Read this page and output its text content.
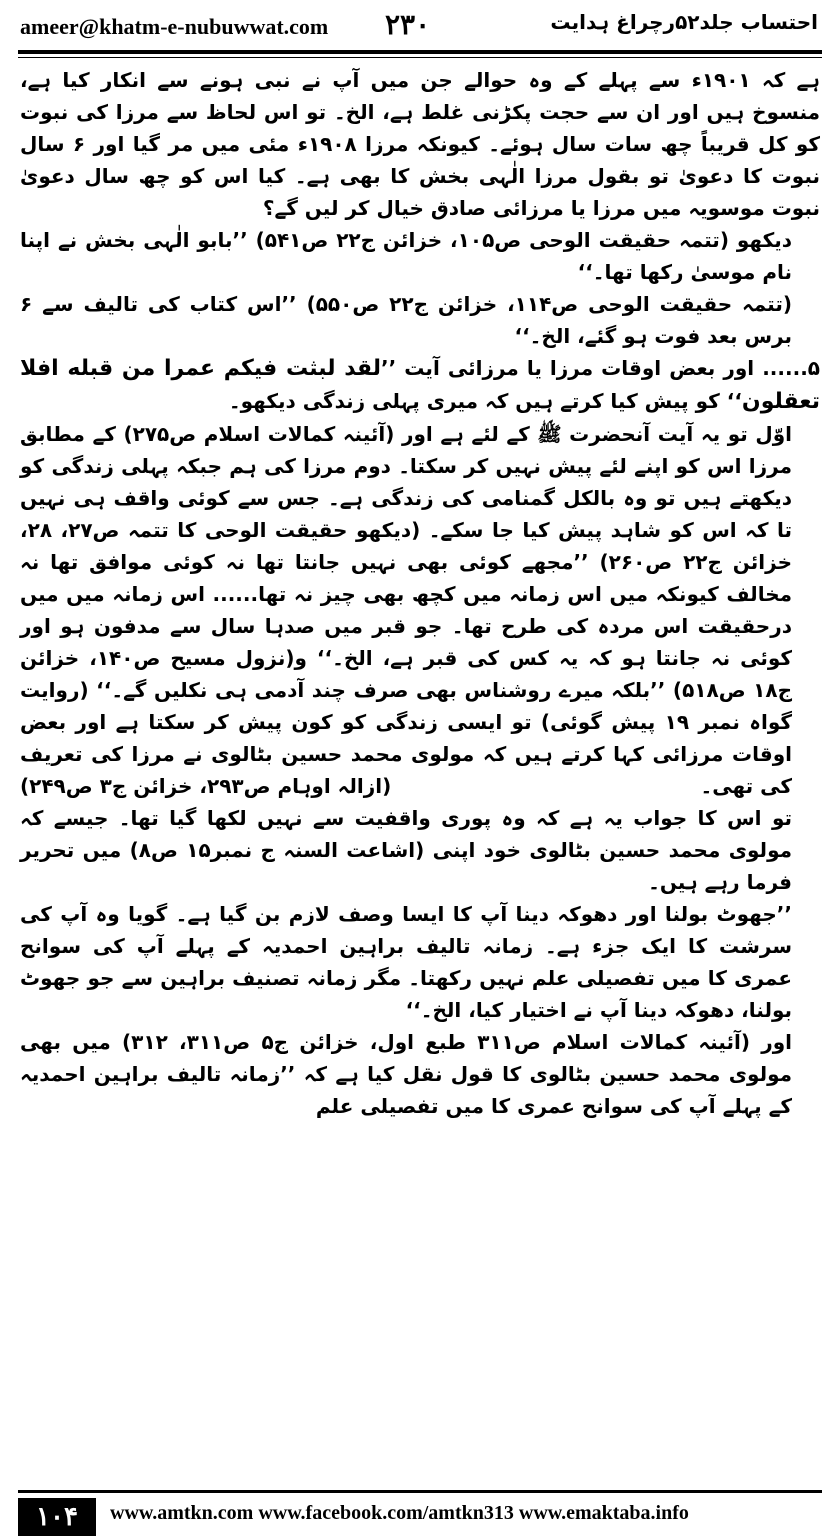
ameer@khatm-e-nubuwwat.com ۲۳۰	احتساب جلد۵۲رچراغ ہدایت

ہے کہ ۱۹۰۱ء سے پہلے کے وہ حوالے جن میں آپ نے نبی ہونے سے انکار کیا ہے، منسوخ ہیں اور ان سے حجت پکڑنی غلط ہے، الخ۔ تو اس لحاظ سے مرزا کی نبوت کو کل قریباً چھ سات سال ہوئے۔ کیونکہ مرزا ۱۹۰۸ء مئی میں مر گیا اور ۶ سال نبوت کا دعویٰ تو بقول مرزا الٰہی بخش کا بھی ہے۔ کیا اس کو چھ سال دعویٰ نبوت موسویہ میں مرزا یا مرزائی صادق خیال کر لیں گے؟

دیکھو (تتمہ حقیقت الوحی ص۱۰۵، خزائن ج۲۲ ص۵۴۱) ’’بابو الٰہی بخش نے اپنا نام موسیٰ رکھا تھا۔‘‘

(تتمہ حقیقت الوحی ص۱۱۴، خزائن ج۲۲ ص۵۵۰) ’’اس کتاب کی تالیف سے ۶ برس بعد فوت ہو گئے، الخ۔‘‘

۵...... اور بعض اوقات مرزا یا مرزائی آیت ’’لقد لبثت فیکم عمرا من قبله افلا تعقلون‘‘ کو پیش کیا کرتے ہیں کہ میری پہلی زندگی دیکھو۔

اوّل تو یہ آیت آنحضرت ﷺ کے لئے ہے اور (آئینہ کمالات اسلام ص۲۷۵) کے مطابق مرزا اس کو اپنے لئے پیش نہیں کر سکتا۔ دوم مرزا کی ہم جبکہ پہلی زندگی کو دیکھتے ہیں تو وہ بالکل گمنامی کی زندگی ہے۔ جس سے کوئی واقف ہی نہیں تا کہ اس کو شاہد پیش کیا جا سکے۔ (دیکھو حقیقت الوحی کا تتمہ ص۲۷، ۲۸، خزائن ج۲۲ ص۲۶۰) ’’مجھے کوئی بھی نہیں جانتا تھا نہ کوئی موافق تھا نہ مخالف کیونکہ میں اس زمانہ میں کچھ بھی چیز نہ تھا...... اس زمانہ میں میں درحقیقت اس مردہ کی طرح تھا۔ جو قبر میں صدہا سال سے مدفون ہو اور کوئی نہ جانتا ہو کہ یہ کس کی قبر ہے، الخ۔‘‘ و(نزول مسیح ص۱۴۰، خزائن ج۱۸ ص۵۱۸) ’’بلکہ میرے روشناس بھی صرف چند آدمی ہی نکلیں گے۔‘‘ (روایت گواہ نمبر ۱۹ پیش گوئی) تو ایسی زندگی کو کون پیش کر سکتا ہے اور بعض اوقات مرزائی کہا کرتے ہیں کہ مولوی محمد حسین بٹالوی نے مرزا کی تعریف کی تھی۔
(ازالہ اوہام ص۲۹۳، خزائن ج۳ ص۲۴۹)

تو اس کا جواب یہ ہے کہ وہ پوری واقفیت سے نہیں لکھا گیا تھا۔ جیسے کہ مولوی محمد حسین بٹالوی خود اپنی (اشاعت السنہ ج نمبر۱۵ ص۸) میں تحریر فرما رہے ہیں۔

’’جھوٹ بولنا اور دھوکہ دینا آپ کا ایسا وصف لازم بن گیا ہے۔ گویا وہ آپ کی سرشت کا ایک جزء ہے۔ زمانہ تالیف براہین احمدیہ کے پہلے آپ کی سوانح عمری کا میں تفصیلی علم نہیں رکھتا۔ مگر زمانہ تصنیف براہین سے جو جھوٹ بولنا، دھوکہ دینا آپ نے اختیار کیا، الخ۔‘‘

اور (آئینہ کمالات اسلام ص۳۱۱ طبع اول، خزائن ج۵ ص۳۱۱، ۳۱۲) میں بھی مولوی محمد حسین بٹالوی کا قول نقل کیا ہے کہ ’’زمانہ تالیف براہین احمدیہ کے پہلے آپ کی سوانح عمری کا میں تفصیلی علم

۱۰۴	www.amtkn.com www.facebook.com/amtkn313 www.emaktaba.info
